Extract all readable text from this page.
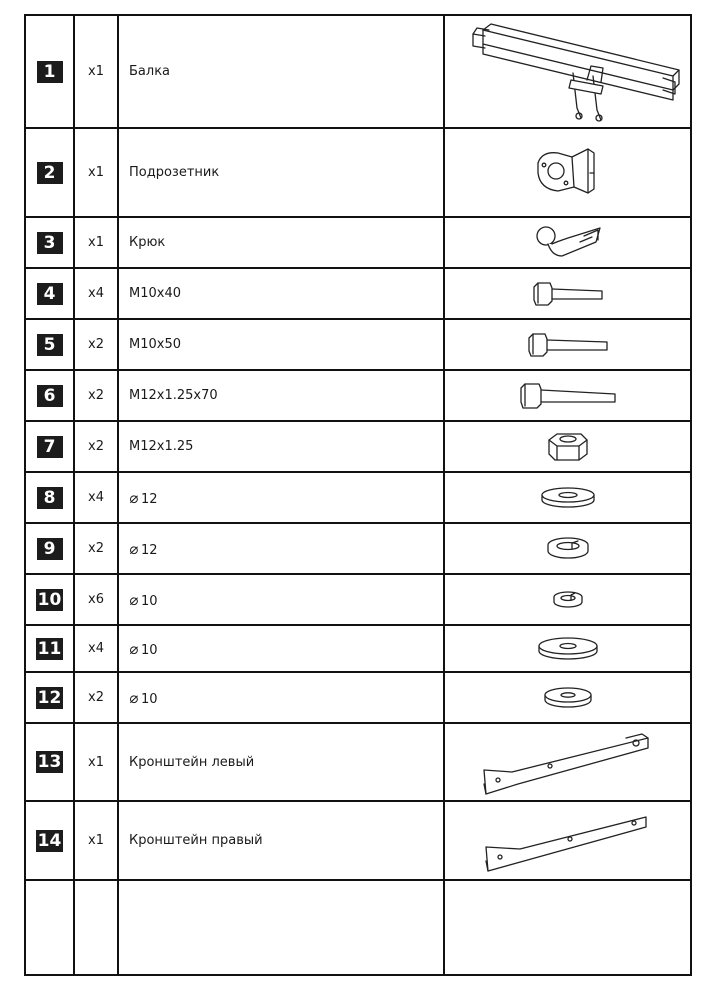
1	x1	Балка	

2	x1	Подрозетник	

3	x1	Крюк	

4	x4	M10x40	

5	x2	M10x50	

6	x2	M12x1.25x70	

7	x2	M12x1.25	

8	x4	⌀ 12	

9	x2	⌀ 12	

10	x6	⌀ 10	

11	x4	⌀ 10	

12	x2	⌀ 10	

13	x1	Кронштейн левый	

14	x1	Кронштейн правый	
